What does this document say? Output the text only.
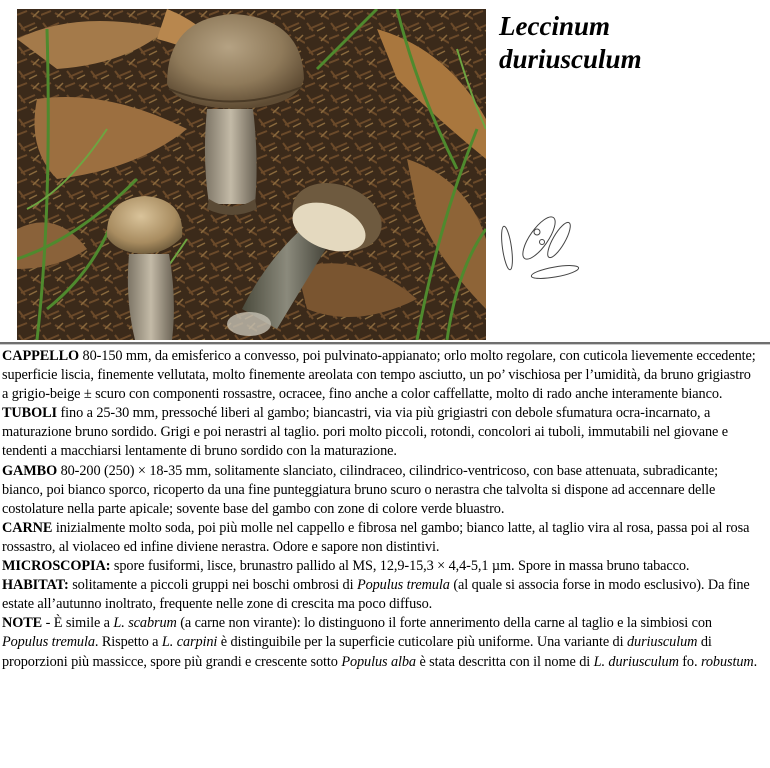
Leccinum
duriusculum

CAPPELLO 80-150 mm, da emisferico a convesso, poi pulvinato-appianato; orlo molto regolare, con cuticola lievemente eccedente; superficie liscia, finemente vellutata, molto finemente areolata con tempo asciutto, un po’ vischiosa per l’umidità, da bruno grigiastro a grigio-beige ± scuro con componenti rossastre, ocracee, fino anche a color caffellatte, molto di rado anche interamente bianco.

TUBOLI fino a 25-30 mm, pressoché liberi al gambo; biancastri, via via più grigiastri con debole sfumatura ocra-incarnato, a maturazione bruno sordido. Grigi e poi nerastri al taglio. pori molto piccoli, rotondi, concolori ai tuboli, immutabili nel giovane e tendenti a macchiarsi lentamente di bruno sordido con la maturazione.

GAMBO 80-200 (250) × 18-35 mm, solitamente slanciato, cilindraceo, cilindrico-ventricoso, con base attenuata, subradicante; bianco, poi bianco sporco, ricoperto da una fine punteggiatura bruno scuro o nerastra che talvolta si dispone ad accennare delle costolature nella parte apicale; sovente base del gambo con zone di colore verde bluastro.

CARNE inizialmente molto soda, poi più molle nel cappello e fibrosa nel gambo; bianco latte, al taglio vira al rosa, passa poi al rosa rossastro, al violaceo ed infine diviene nerastra. Odore e sapore non distintivi.

MICROSCOPIA: spore fusiformi, lisce, brunastro pallido al MS, 12,9-15,3 × 4,4-5,1 µm. Spore in massa bruno tabacco.

HABITAT: solitamente a piccoli gruppi nei boschi ombrosi di Populus tremula (al quale si associa forse in modo esclusivo). Da fine estate all’autunno inoltrato, frequente nelle zone di crescita ma poco diffuso.

NOTE - È simile a L. scabrum (a carne non virante): lo distinguono il forte annerimento della carne al taglio e la simbiosi con Populus tremula. Rispetto a L. carpini è distinguibile per la superficie cuticolare più uniforme. Una variante di duriusculum di proporzioni più massicce, spore più grandi e crescente sotto Populus alba è stata descritta con il nome di L. duriusculum fo. robustum.
